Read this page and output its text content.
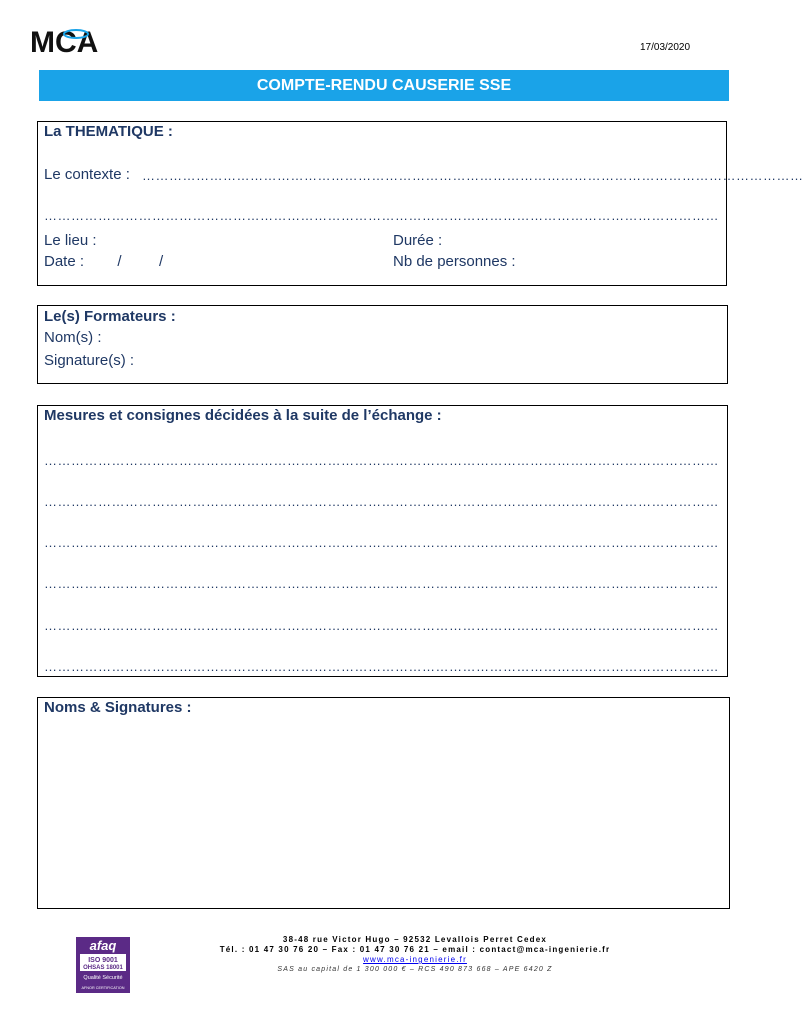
MCA	17/03/2020
COMPTE-RENDU CAUSERIE SSE
La THEMATIQUE :
Le contexte : …………………………………………………………………………………………………………………………………
……………………………………………………………………………………………………………………………………
Le lieu :
Date :        /         /
Durée :
Nb de personnes :
Le(s) Formateurs :
Nom(s) :
Signature(s) :
Mesures et consignes décidées à la suite de l’échange :
……………………………………………………………………………………………………………………………………
……………………………………………………………………………………………………………………………………
……………………………………………………………………………………………………………………………………
……………………………………………………………………………………………………………………………………
……………………………………………………………………………………………………………………………………
……………………………………………………………………………………………………………………………………
Noms & Signatures :
afaq
ISO 9001
OHSAS 18001
Qualité Sécurité
AFNOR CERTIFICATION
38-48 rue Victor Hugo – 92532 Levallois Perret Cedex
Tél. : 01 47 30 76 20 – Fax : 01 47 30 76 21 – email : contact@mca-ingenierie.fr
www.mca-ingenierie.fr
SAS au capital de 1 300 000 € – RCS 490 873 668 – APE 6420 Z
